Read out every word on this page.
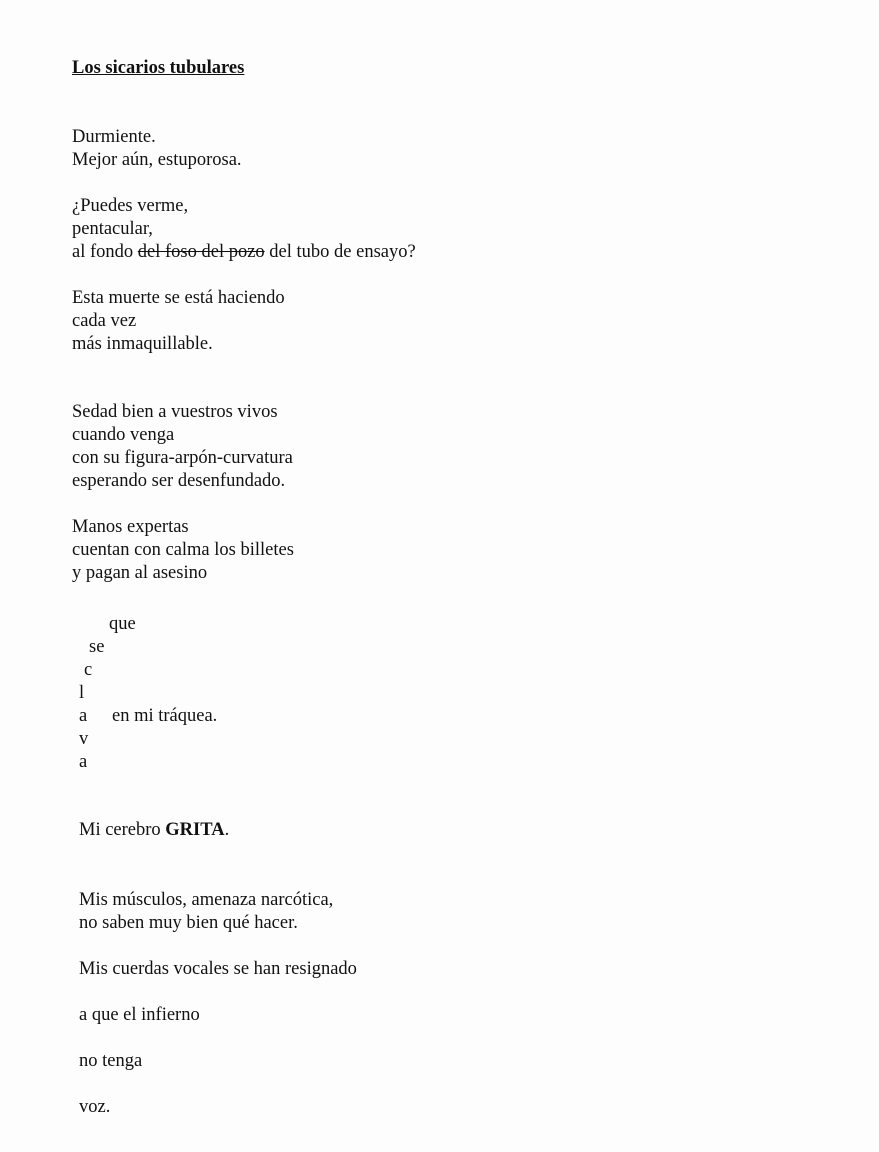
Los sicarios tubulares
Durmiente.
Mejor aún, estuporosa.
¿Puedes verme,
pentacular,
al fondo del foso del pozo del tubo de ensayo?
Esta muerte se está haciendo
cada vez
más inmaquillable.
Sedad bien a vuestros vivos
cuando venga
con su figura-arpón-curvatura
esperando ser desenfundado.
Manos expertas
cuentan con calma los billetes
y pagan al asesino
que
se
c
l
a en mi tráquea.
v
a
Mi cerebro GRITA.
Mis músculos, amenaza narcótica,
no saben muy bien qué hacer.
Mis cuerdas vocales se han resignado
a que el infierno
no tenga
voz.
